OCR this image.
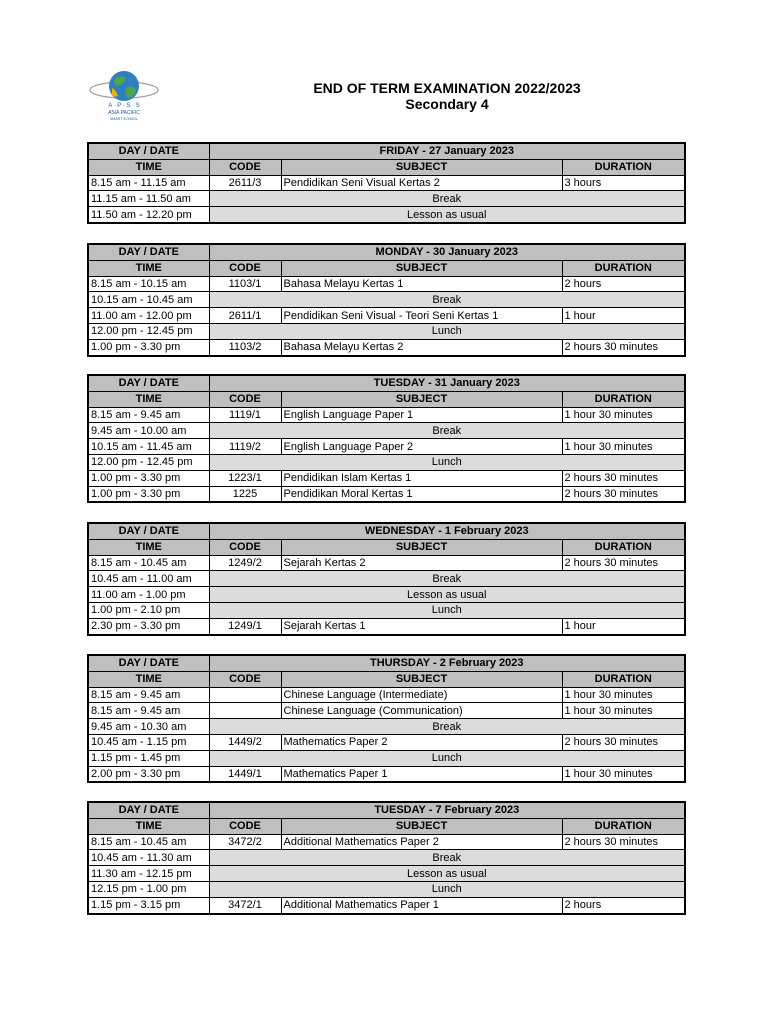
A · P · S · S
ASIA PACIFIC
SMART SCHOOL
END OF TERM EXAMINATION 2022/2023
Secondary 4
DAY / DATE	FRIDAY - 27 January 2023		
TIME	CODE	SUBJECT	DURATION
8.15 am - 11.15 am	2611/3	Pendidikan Seni Visual Kertas 2	3 hours
11.15 am - 11.50 am	Break		
11.50 am - 12.20 pm	Lesson as usual		
DAY / DATE	MONDAY - 30 January 2023		
TIME	CODE	SUBJECT	DURATION
8.15 am - 10.15 am	1103/1	Bahasa Melayu Kertas 1	2 hours
10.15 am - 10.45 am	Break		
11.00 am - 12.00 pm	2611/1	Pendidikan Seni Visual - Teori Seni Kertas 1	1 hour
12.00 pm - 12.45 pm	Lunch		
1.00 pm - 3.30 pm	1103/2	Bahasa Melayu Kertas 2	2 hours 30 minutes
DAY / DATE	TUESDAY - 31 January 2023		
TIME	CODE	SUBJECT	DURATION
8.15 am - 9.45 am	1119/1	English Language Paper 1	1 hour 30 minutes
9.45 am - 10.00 am	Break		
10.15 am - 11.45 am	1119/2	English Language Paper 2	1 hour 30 minutes
12.00 pm - 12.45 pm	Lunch		
1.00 pm - 3.30 pm	1223/1	Pendidikan Islam Kertas 1	2 hours 30 minutes
1.00 pm - 3.30 pm	1225	Pendidikan Moral Kertas 1	2 hours 30 minutes
DAY / DATE	WEDNESDAY - 1 February 2023		
TIME	CODE	SUBJECT	DURATION
8.15 am - 10.45 am	1249/2	Sejarah Kertas 2	2 hours 30 minutes
10.45 am - 11.00 am	Break		
11.00 am - 1.00 pm	Lesson as usual		
1.00 pm - 2.10 pm	Lunch		
2.30 pm - 3.30 pm	1249/1	Sejarah Kertas 1	1 hour
DAY / DATE	THURSDAY - 2 February 2023		
TIME	CODE	SUBJECT	DURATION
8.15 am - 9.45 am		Chinese Language (Intermediate)	1 hour 30 minutes
8.15 am - 9.45 am		Chinese Language (Communication)	1 hour 30 minutes
9.45 am - 10.30 am	Break		
10.45 am - 1.15 pm	1449/2	Mathematics Paper 2	2 hours 30 minutes
1.15 pm - 1.45 pm	Lunch		
2.00 pm - 3.30 pm	1449/1	Mathematics Paper 1	1 hour 30 minutes
DAY / DATE	TUESDAY - 7 February 2023		
TIME	CODE	SUBJECT	DURATION
8.15 am - 10.45 am	3472/2	Additional Mathematics Paper 2	2 hours 30 minutes
10.45 am - 11.30 am	Break		
11.30 am - 12.15 pm	Lesson as usual		
12.15 pm - 1.00 pm	Lunch		
1.15 pm - 3.15 pm	3472/1	Additional Mathematics Paper 1	2 hours
